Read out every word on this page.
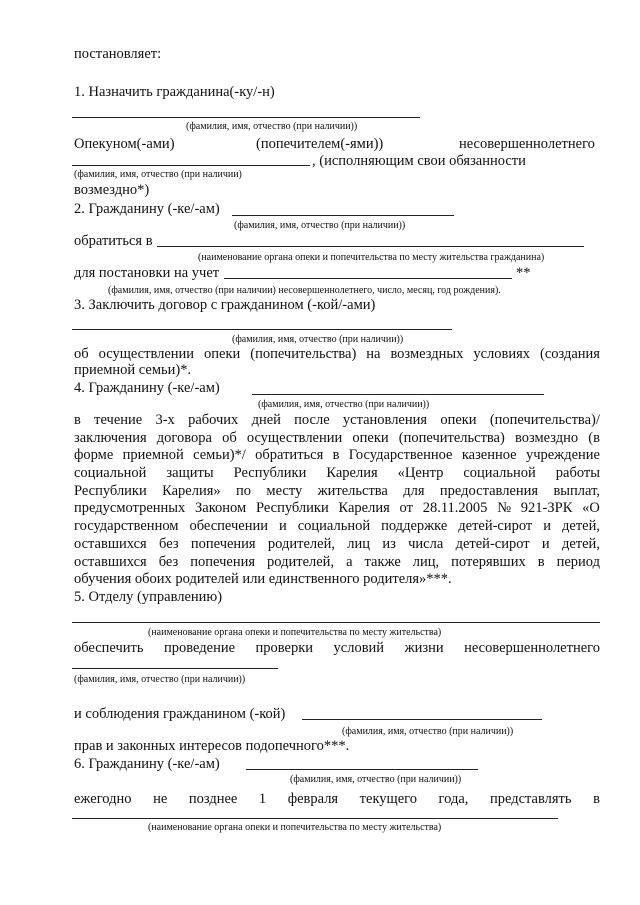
постановляет:
1. Назначить гражданина(-ку/-н)
(фамилия, имя, отчество (при наличии))
Опекуном(-ами)	(попечителем(-ями))	несовершеннолетнего
, (исполняющим свои обязанности
(фамилия, имя, отчество (при наличии)
возмездно*)
2. Гражданину (-ке/-ам)
(фамилия, имя, отчество (при наличии))
обратиться в
(наименование органа опеки и попечительства по месту жительства гражданина)
для постановки на учет	**
(фамилия, имя, отчество (при наличии) несовершеннолетнего, число, месяц, год рождения).
3. Заключить договор с гражданином (-кой/-ами)
(фамилия, имя, отчество (при наличии))
об осуществлении опеки (попечительства) на возмездных условиях (создания
приемной семьи)*.
4. Гражданину (-ке/-ам)
(фамилия, имя, отчество (при наличии))
в течение 3-х рабочих дней после установления опеки (попечительства)/
заключения договора об осуществлении опеки (попечительства) возмездно (в
форме приемной семьи)*/ обратиться в Государственное казенное учреждение
социальной защиты Республики Карелия «Центр социальной работы
Республики Карелия» по месту жительства для предоставления выплат,
предусмотренных Законом Республики Карелия от 28.11.2005 № 921-ЗРК «О
государственном обеспечении и социальной поддержке детей-сирот и детей,
оставшихся без попечения родителей, лиц из числа детей-сирот и детей,
оставшихся без попечения родителей, а также лиц, потерявших в период
обучения обоих родителей или единственного родителя»***.
5. Отделу (управлению)
(наименование органа опеки и попечительства по месту жительства)
обеспечить проведение проверки условий жизни несовершеннолетнего
(фамилия, имя, отчество (при наличии))
и соблюдения гражданином (-кой)
(фамилия, имя, отчество (при наличии))
прав и законных интересов подопечного***.
6. Гражданину (-ке/-ам)
(фамилия, имя, отчество (при наличии))
ежегодно не позднее 1 февраля текущего года, представлять в
(наименование органа опеки и попечительства по месту жительства)
